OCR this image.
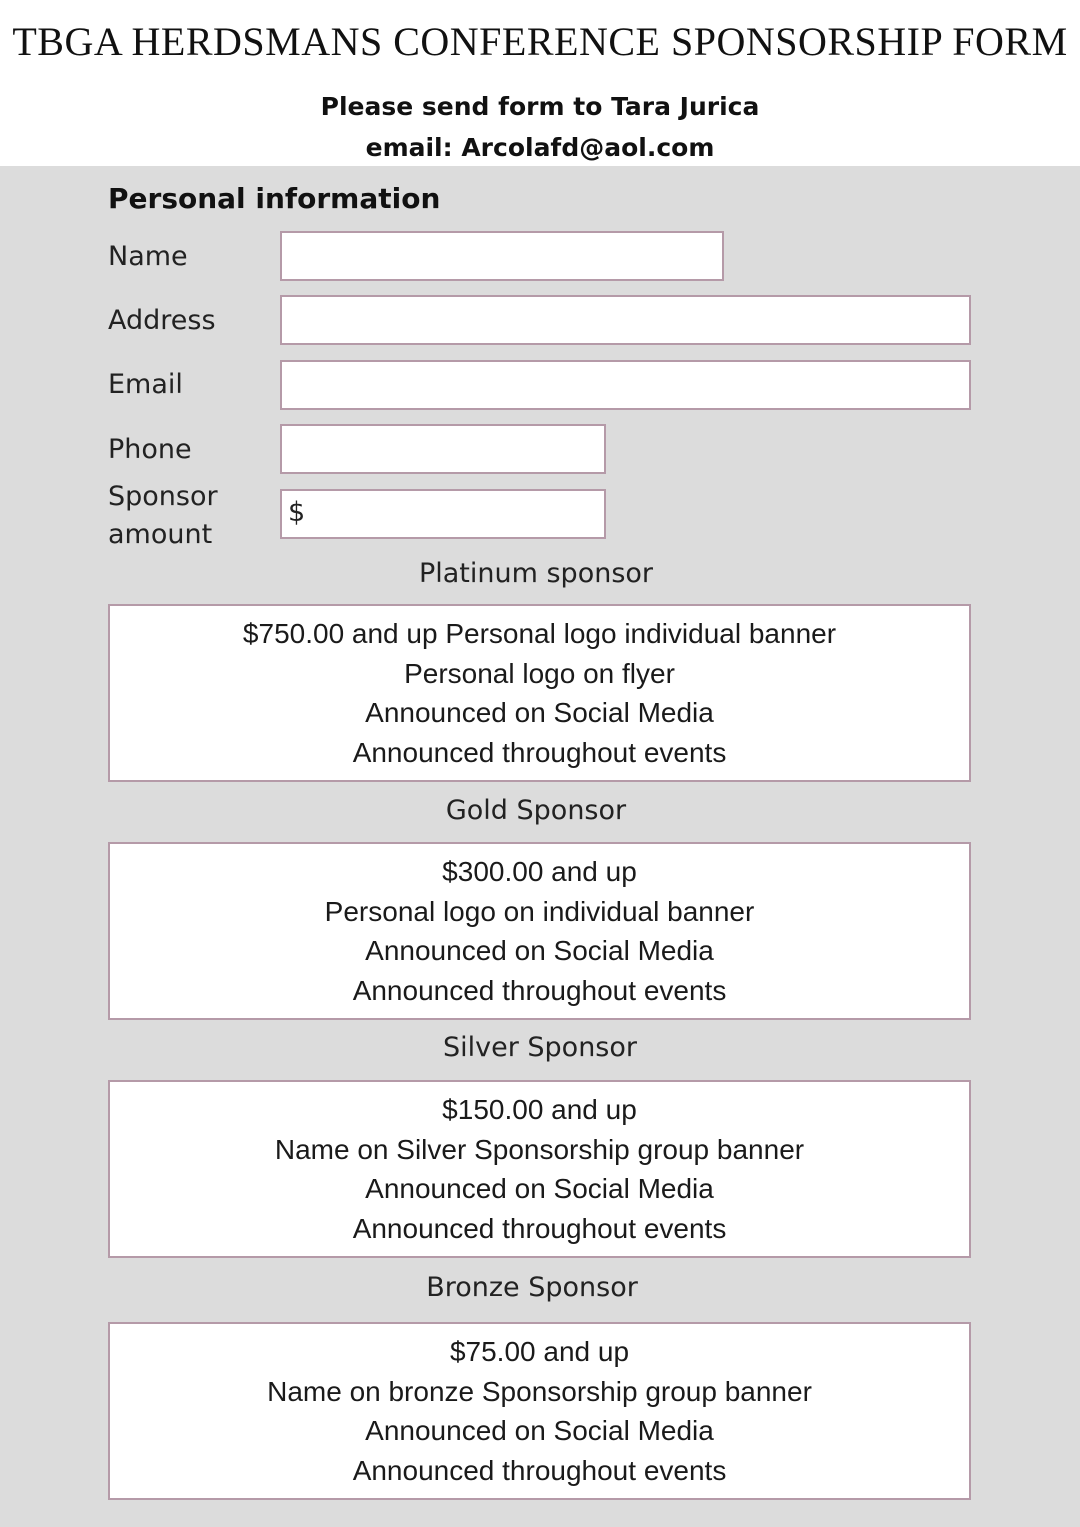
TBGA HERDSMANS CONFERENCE SPONSORSHIP FORM
Please send form to Tara Jurica
email: Arcolafd@aol.com
Personal information
Name
Address
Email
Phone
Sponsor
amount
$
Platinum sponsor
$750.00 and up Personal logo individual banner
Personal logo on flyer
Announced on Social Media
Announced throughout events
Gold Sponsor
$300.00 and up
Personal logo on individual banner
Announced on Social Media
Announced throughout events
Silver Sponsor
$150.00 and up
Name on Silver Sponsorship group banner
Announced on Social Media
Announced throughout events
Bronze Sponsor
$75.00 and up
Name on bronze Sponsorship group banner
Announced on Social Media
Announced throughout events
